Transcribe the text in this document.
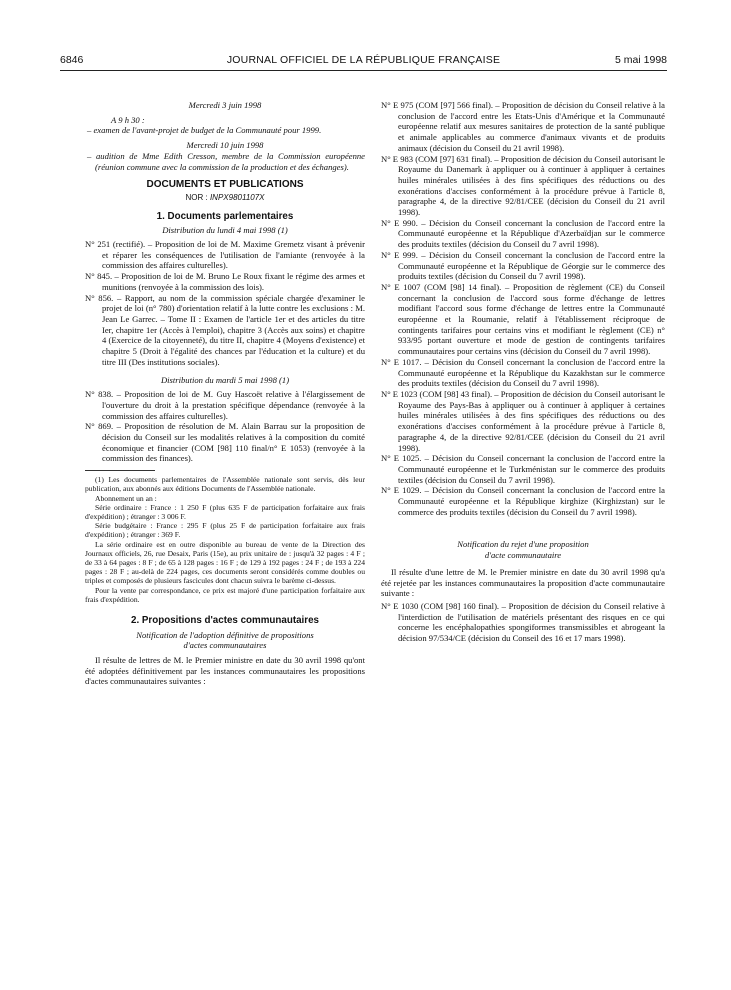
6846	JOURNAL OFFICIEL DE LA RÉPUBLIQUE FRANÇAISE	5 mai 1998
Mercredi 3 juin 1998
A 9 h 30 :
– examen de l'avant-projet de budget de la Communauté pour 1999.
Mercredi 10 juin 1998
– audition de Mme Edith Cresson, membre de la Commission européenne (réunion commune avec la commission de la production et des échanges).
DOCUMENTS ET PUBLICATIONS
NOR : INPX9801107X
1. Documents parlementaires
Distribution du lundi 4 mai 1998 (1)

N° 251 (rectifié). – Proposition de loi de M. Maxime Gremetz visant à prévenir et réparer les conséquences de l'utilisation de l'amiante (renvoyée à la commission des affaires culturelles).

N° 845. – Proposition de loi de M. Bruno Le Roux fixant le régime des armes et munitions (renvoyée à la commission des lois).

N° 856. – Rapport, au nom de la commission spéciale chargée d'examiner le projet de loi (n° 780) d'orientation relatif à la lutte contre les exclusions : M. Jean Le Garrec. – Tome II : Examen de l'article 1er et des articles du titre Ier, chapitre 1er (Accès à l'emploi), chapitre 3 (Accès aux soins) et chapitre 4 (Exercice de la citoyenneté), du titre II, chapitre 4 (Moyens d'existence) et chapitre 5 (Droit à l'égalité des chances par l'éducation et la culture) et du titre III (Des institutions sociales).

Distribution du mardi 5 mai 1998 (1)

N° 838. – Proposition de loi de M. Guy Hascoët relative à l'élargissement de l'ouverture du droit à la prestation spécifique dépendance (renvoyée à la commission des affaires culturelles).

N° 869. – Proposition de résolution de M. Alain Barrau sur la proposition de décision du Conseil sur les modalités relatives à la composition du comité économique et financier (COM [98] 110 final/n° E 1053) (renvoyée à la commission des finances).

(1) Les documents parlementaires de l'Assemblée nationale sont servis, dès leur publication, aux abonnés aux éditions Documents de l'Assemblée nationale.

Abonnement un an :

Série ordinaire : France : 1 250 F (plus 635 F de participation forfaitaire aux frais d'expédition) ; étranger : 3 006 F.

Série budgétaire : France : 295 F (plus 25 F de participation forfaitaire aux frais d'expédition) ; étranger : 369 F.

La série ordinaire est en outre disponible au bureau de vente de la Direction des Journaux officiels, 26, rue Desaix, Paris (15e), au prix unitaire de : jusqu'à 32 pages : 4 F ; de 33 à 64 pages : 8 F ; de 65 à 128 pages : 16 F ; de 129 à 192 pages : 24 F ; de 193 à 224 pages : 28 F ; au-delà de 224 pages, ces documents seront considérés comme doubles ou triples et composés de plusieurs fascicules dont chacun suivra le barème ci-dessus.

Pour la vente par correspondance, ce prix est majoré d'une participation forfaitaire aux frais d'expédition.

2. Propositions d'actes communautaires
Notification de l'adoption définitive de propositions d'actes communautaires

Il résulte de lettres de M. le Premier ministre en date du 30 avril 1998 qu'ont été adoptées définitivement par les instances communautaires les propositions d'actes communautaires suivantes :

N° E 975 (COM [97] 566 final). – Proposition de décision du Conseil relative à la conclusion de l'accord entre les Etats-Unis d'Amérique et la Communauté européenne relatif aux mesures sanitaires de protection de la santé publique et animale applicables au commerce d'animaux vivants et de produits animaux (décision du Conseil du 21 avril 1998).

N° E 983 (COM [97] 631 final). – Proposition de décision du Conseil autorisant le Royaume du Danemark à appliquer ou à continuer à appliquer à certaines huiles minérales utilisées à des fins spécifiques des réductions ou des exonérations d'accises conformément à la procédure prévue à l'article 8, paragraphe 4, de la directive 92/81/CEE (décision du Conseil du 21 avril 1998).

N° E 990. – Décision du Conseil concernant la conclusion de l'accord entre la Communauté européenne et la République d'Azerbaïdjan sur le commerce des produits textiles (décision du Conseil du 7 avril 1998).

N° E 999. – Décision du Conseil concernant la conclusion de l'accord entre la Communauté européenne et la République de Géorgie sur le commerce des produits textiles (décision du Conseil du 7 avril 1998).

N° E 1007 (COM [98] 14 final). – Proposition de règlement (CE) du Conseil concernant la conclusion de l'accord sous forme d'échange de lettres modifiant l'accord sous forme d'échange de lettres entre la Communauté européenne et la Roumanie, relatif à l'établissement réciproque de contingents tarifaires pour certains vins et modifiant le règlement (CE) n° 933/95 portant ouverture et mode de gestion de contingents tarifaires communautaires pour certains vins (décision du Conseil du 7 avril 1998).

N° E 1017. – Décision du Conseil concernant la conclusion de l'accord entre la Communauté européenne et la République du Kazakhstan sur le commerce des produits textiles (décision du Conseil du 7 avril 1998).

N° E 1023 (COM [98] 43 final). – Proposition de décision du Conseil autorisant le Royaume des Pays-Bas à appliquer ou à continuer à appliquer à certaines huiles minérales utilisées à des fins spécifiques des réductions ou des exonérations d'accises conformément à la procédure prévue à l'article 8, paragraphe 4, de la directive 92/81/CEE (décision du Conseil du 21 avril 1998).

N° E 1025. – Décision du Conseil concernant la conclusion de l'accord entre la Communauté européenne et le Turkménistan sur le commerce des produits textiles (décision du Conseil du 7 avril 1998).

N° E 1029. – Décision du Conseil concernant la conclusion de l'accord entre la Communauté européenne et la République kirghize (Kirghizstan) sur le commerce des produits textiles (décision du Conseil du 7 avril 1998).

Notification du rejet d'une proposition d'acte communautaire

Il résulte d'une lettre de M. le Premier ministre en date du 30 avril 1998 qu'a été rejetée par les instances communautaires la proposition d'acte communautaire suivante :

N° E 1030 (COM [98] 160 final). – Proposition de décision du Conseil relative à l'interdiction de l'utilisation de matériels présentant des risques en ce qui concerne les encéphalopathies spongiformes transmissibles et abrogeant la décision 97/534/CE (décision du Conseil des 16 et 17 mars 1998).
